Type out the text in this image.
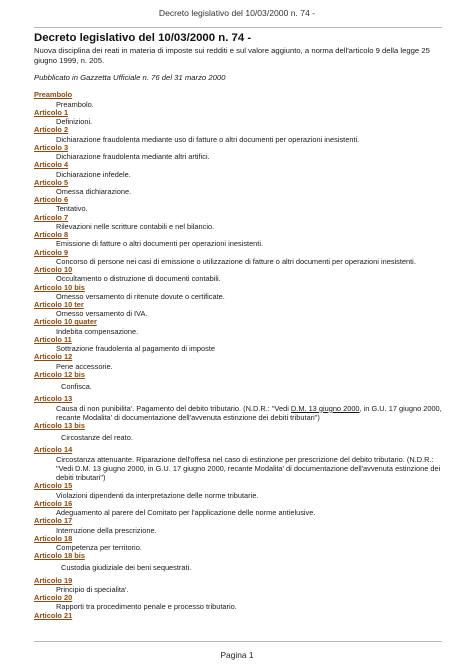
Decreto legislativo del 10/03/2000 n. 74 -
Decreto legislativo del 10/03/2000 n. 74 -
Nuova disciplina dei reati in materia di imposte sui redditi e sul valore aggiunto, a norma dell'articolo 9 della legge 25 giugno 1999, n. 205.
Pubblicato in Gazzetta Ufficiale n. 76 del 31 marzo 2000
Preambolo
Preambolo.
Articolo 1
Definizioni.
Articolo 2
Dichiarazione fraudolenta mediante uso di fatture o altri documenti per operazioni inesistenti.
Articolo 3
Dichiarazione fraudolenta mediante altri artifici.
Articolo 4
Dichiarazione infedele.
Articolo 5
Omessa dichiarazione.
Articolo 6
Tentativo.
Articolo 7
Rilevazioni nelle scritture contabili e nel bilancio.
Articolo 8
Emissione di fatture o altri documenti per operazioni inesistenti.
Articolo 9
Concorso di persone nei casi di emissione o utilizzazione di fatture o altri documenti per operazioni inesistenti.
Articolo 10
Occultamento o distruzione di documenti contabili.
Articolo 10 bis
Omesso versamento di ritenute dovute o certificate.
Articolo 10 ter
Omesso versamento di IVA.
Articolo 10 quater
Indebita compensazione.
Articolo 11
Sottrazione fraudolenta al pagamento di imposte
Articolo 12
Pene accessorie.
Articolo 12 bis
Confisca.
Articolo 13
Causa di non punibilita'. Pagamento del debito tributario. (N.D.R.: "Vedi D.M. 13 giugno 2000, in G.U. 17 giugno 2000, recante Modalita' di documentazione dell'avvenuta estinzione dei debiti tributari")
Articolo 13 bis
Circostanze del reato.
Articolo 14
Circostanza attenuante. Riparazione dell'offesa nel caso di estinzione per prescrizione del debito tributario. (N.D.R.: "Vedi D.M. 13 giugno 2000, in G.U. 17 giugno 2000, recante Modalita' di documentazione dell'avvenuta estinzione dei debiti tributari")
Articolo 15
Violazioni dipendenti da interpretazione delle norme tributarie.
Articolo 16
Adeguamento al parere del Comitato per l'applicazione delle norme antielusive.
Articolo 17
Interruzione della prescrizione.
Articolo 18
Competenza per territorio.
Articolo 18 bis
Custodia giudiziale dei beni sequestrati.
Articolo 19
Principio di specialita'.
Articolo 20
Rapporti tra procedimento penale e processo tributario.
Articolo 21
Pagina 1
